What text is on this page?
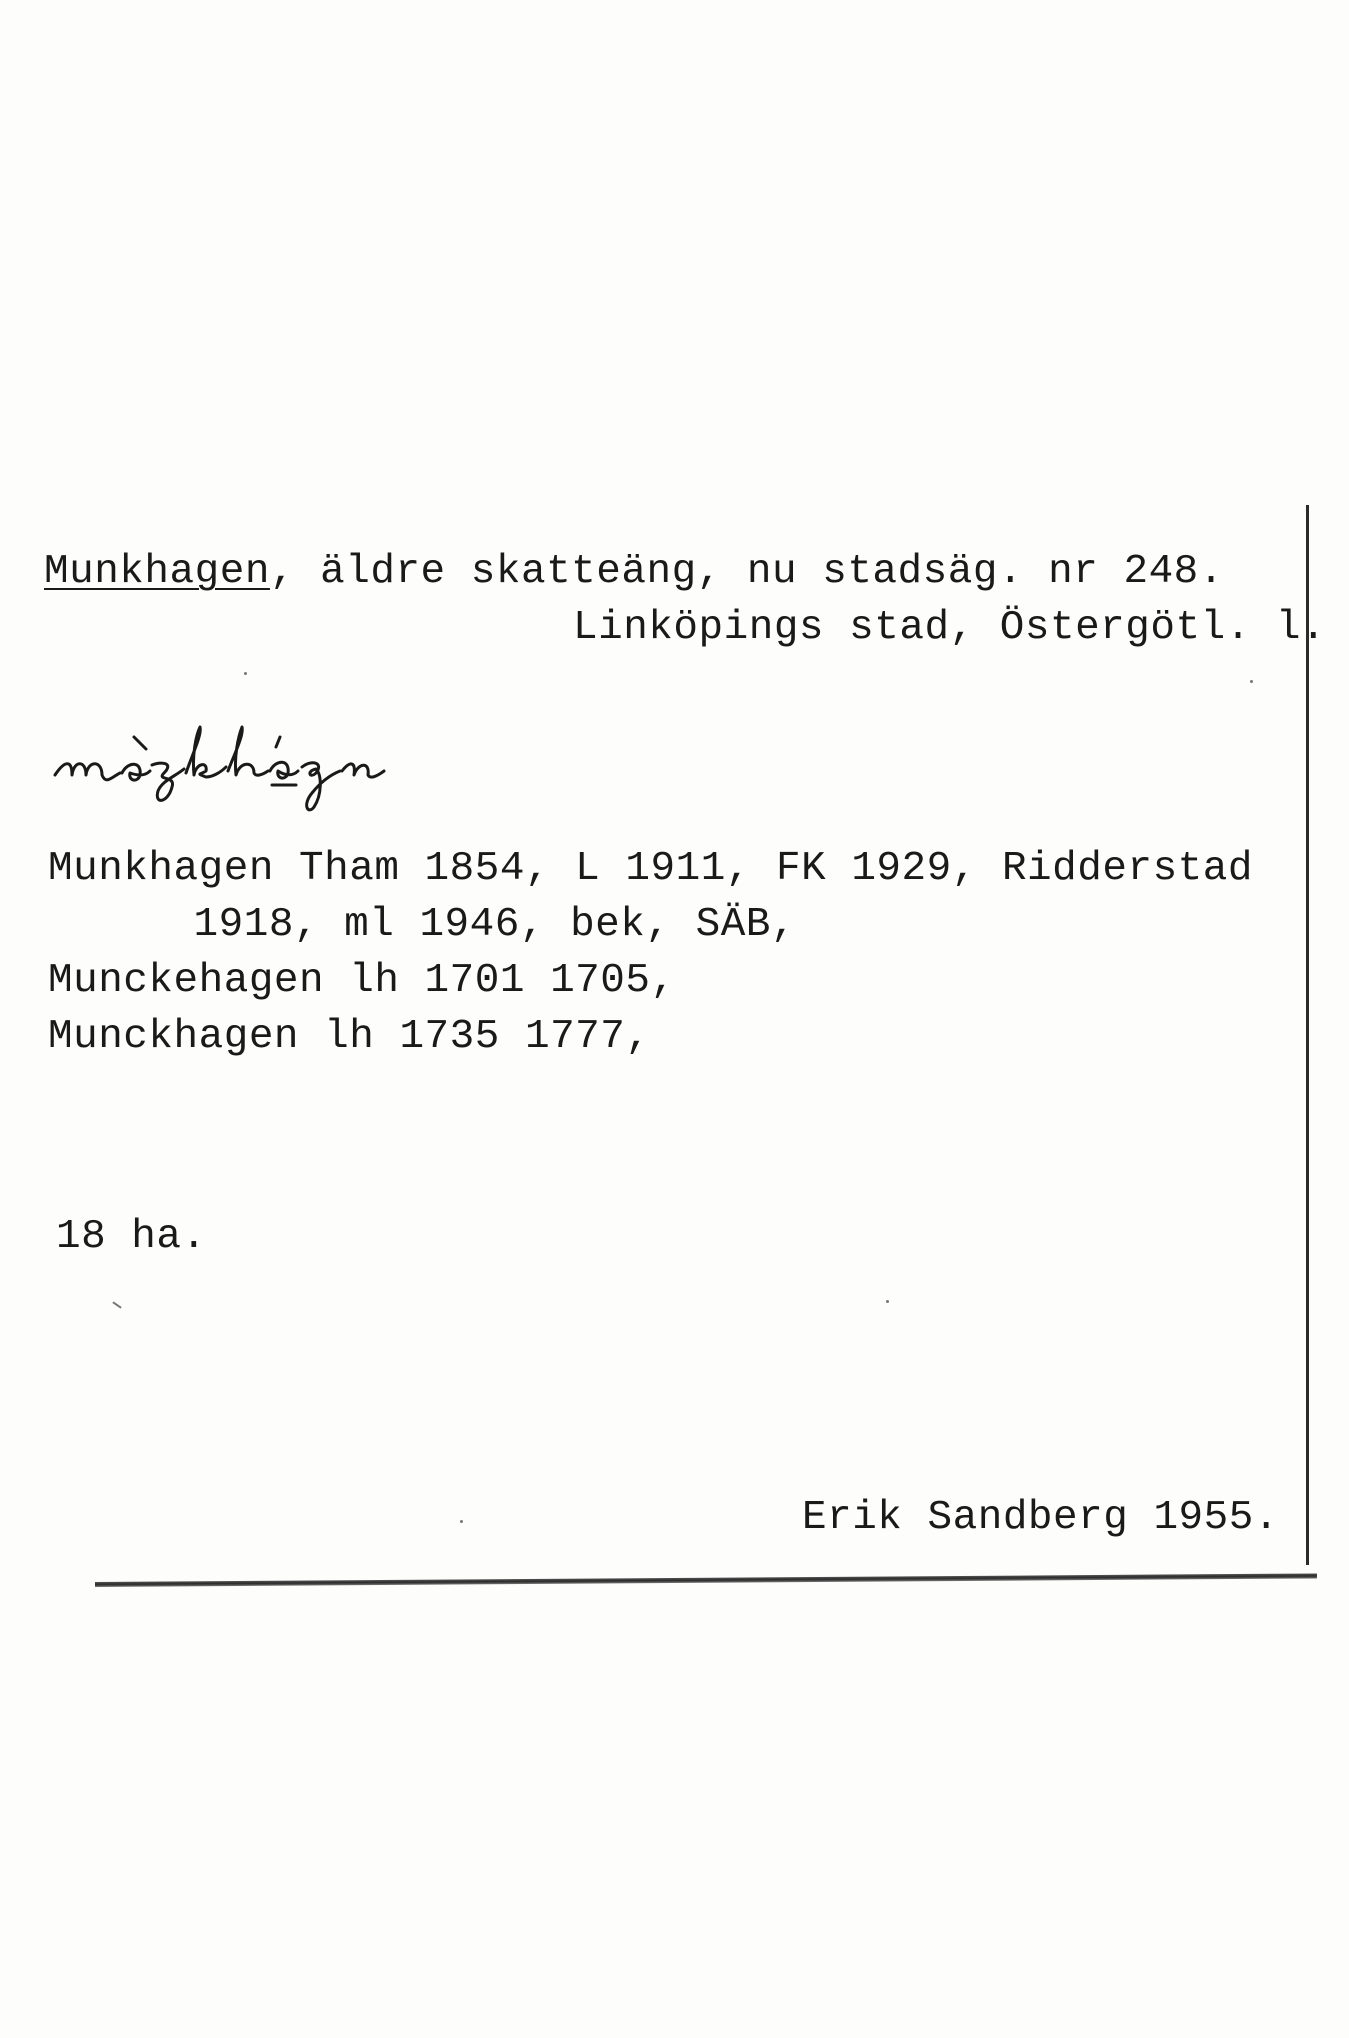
Munkhagen, äldre skatteäng, nu stadsäg. nr 248.
Linköpings stad, Östergötl. l.
mùŋkhågən
Munkhagen Tham 1854, L 1911, FK 1929, Ridderstad
1918, ml 1946, bek, SÄB,
Munckehagen lh 1701 1705,
Munckhagen lh 1735 1777,
18 ha.
Erik Sandberg 1955.
